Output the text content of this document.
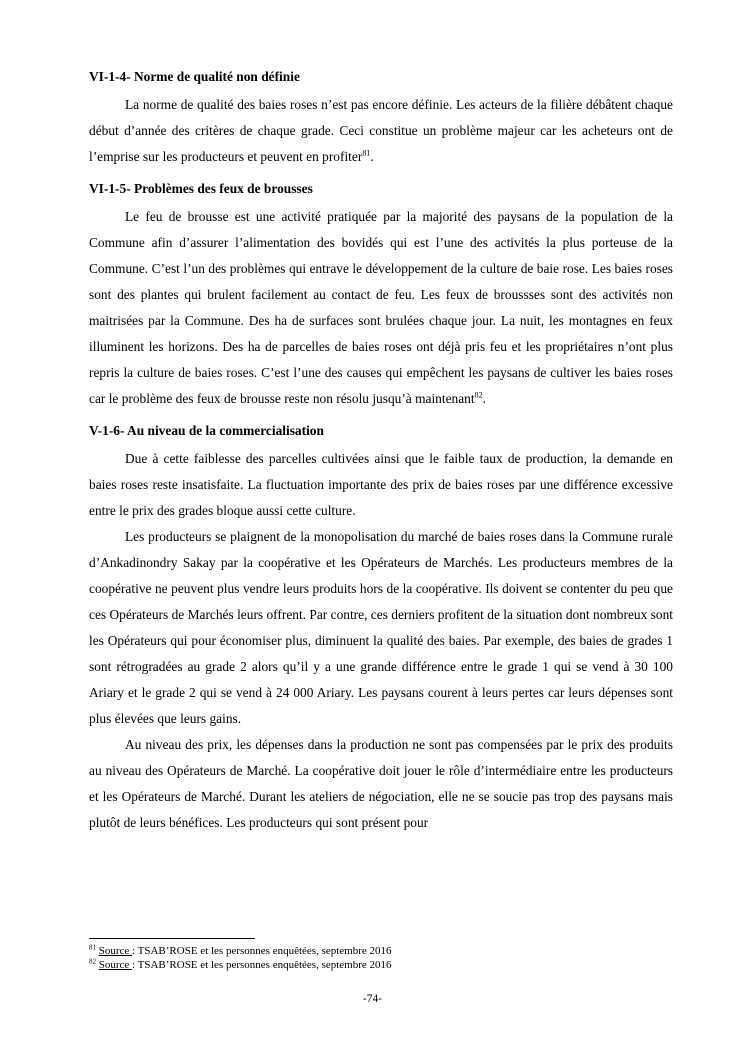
VI-1-4- Norme de qualité non définie

La norme de qualité des baies roses n’est pas encore définie. Les acteurs de la filière débâtent chaque début d’année des critères de chaque grade. Ceci constitue un problème majeur car les acheteurs ont de l’emprise sur les producteurs et peuvent en profiter$^{81}$.

VI-1-5- Problèmes des feux de brousses

Le feu de brousse est une activité pratiquée par la majorité des paysans de la population de la Commune afin d’assurer l’alimentation des bovidés qui est l’une des activités la plus porteuse de la Commune. C’est l’un des problèmes qui entrave le développement de la culture de baie rose. Les baies roses sont des plantes qui brulent facilement au contact de feu. Les feux de broussses sont des activités non maitrisées par la Commune. Des ha de surfaces sont brulées chaque jour. La nuit, les montagnes en feux illuminent les horizons. Des ha de parcelles de baies roses ont déjà pris feu et les propriétaires n’ont plus repris la culture de baies roses. C’est l’une des causes qui empêchent les paysans de cultiver les baies roses car le problème des feux de brousse reste non résolu jusqu’à maintenant$^{82}$.

V-1-6- Au niveau de la commercialisation

Due à cette faiblesse des parcelles cultivées ainsi que le faible taux de production, la demande en baies roses reste insatisfaite. La fluctuation importante des prix de baies roses par une différence excessive entre le prix des grades bloque aussi cette culture.

Les producteurs se plaignent de la monopolisation du marché de baies roses dans la Commune rurale d’Ankadinondry Sakay par la coopérative et les Opérateurs de Marchés. Les producteurs membres de la coopérative ne peuvent plus vendre leurs produits hors de la coopérative. Ils doivent se contenter du peu que ces Opérateurs de Marchés leurs offrent. Par contre, ces derniers profitent de la situation dont nombreux sont les Opérateurs qui pour économiser plus, diminuent la qualité des baies. Par exemple, des baies de grades 1 sont rétrogradées au grade 2 alors qu’il y a une grande différence entre le grade 1 qui se vend à 30 100 Ariary et le grade 2 qui se vend à 24 000 Ariary. Les paysans courent à leurs pertes car leurs dépenses sont plus élevées que leurs gains.

Au niveau des prix, les dépenses dans la production ne sont pas compensées par le prix des produits au niveau des Opérateurs de Marché. La coopérative doit jouer le rôle d’intermédiaire entre les producteurs et les Opérateurs de Marché. Durant les ateliers de négociation, elle ne se soucie pas trop des paysans mais plutôt de leurs bénéfices. Les producteurs qui sont présent pour

$^{81}$ Source : TSAB’ROSE et les personnes enquêtées, septembre 2016
$^{82}$ Source : TSAB’ROSE et les personnes enquêtées, septembre 2016
-74-
